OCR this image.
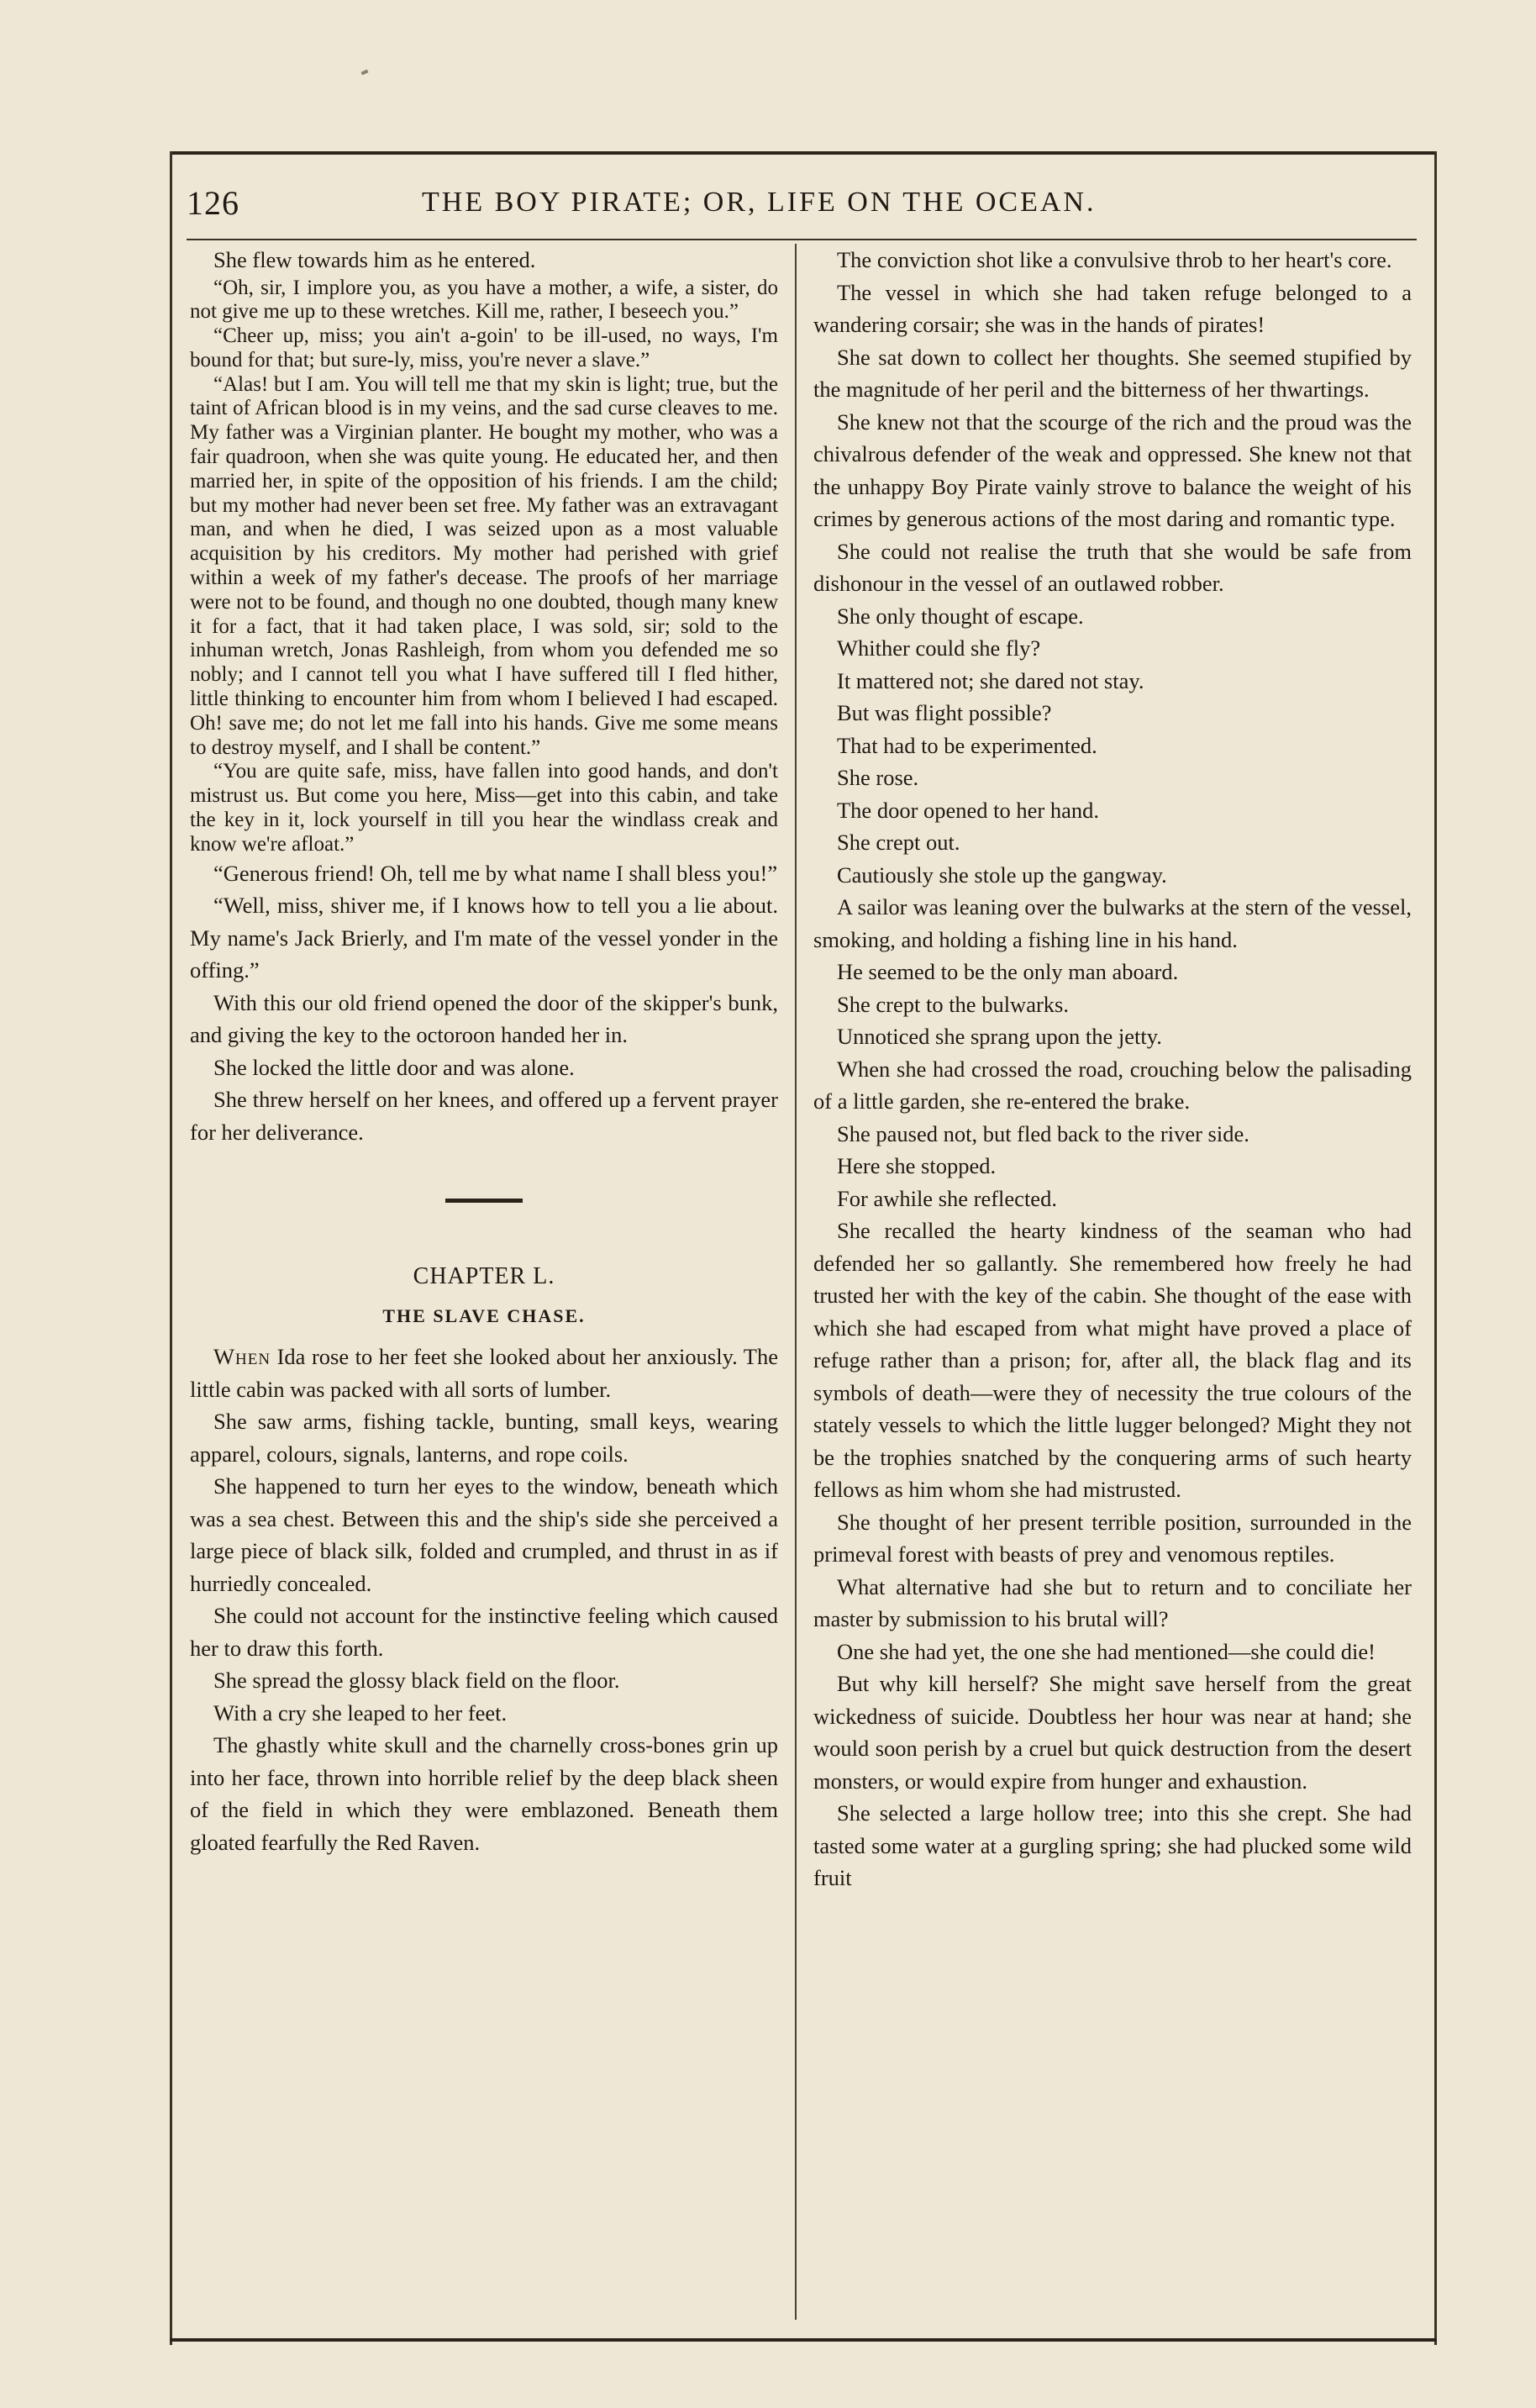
126	THE BOY PIRATE; OR, LIFE ON THE OCEAN.

She flew towards him as he entered.

“Oh, sir, I implore you, as you have a mother, a wife, a sister, do not give me up to these wretches. Kill me, rather, I beseech you.”

“Cheer up, miss; you ain't a-goin' to be ill-used, no ways, I'm bound for that; but sure-ly, miss, you're never a slave.”

“Alas! but I am. You will tell me that my skin is light; true, but the taint of African blood is in my veins, and the sad curse cleaves to me. My father was a Virginian planter. He bought my mother, who was a fair quadroon, when she was quite young. He educated her, and then married her, in spite of the opposition of his friends. I am the child; but my mother had never been set free. My father was an extravagant man, and when he died, I was seized upon as a most valuable acquisition by his creditors. My mother had perished with grief within a week of my father's decease. The proofs of her marriage were not to be found, and though no one doubted, though many knew it for a fact, that it had taken place, I was sold, sir; sold to the inhuman wretch, Jonas Rashleigh, from whom you defended me so nobly; and I cannot tell you what I have suffered till I fled hither, little thinking to encounter him from whom I believed I had escaped. Oh! save me; do not let me fall into his hands. Give me some means to destroy myself, and I shall be content.”

“You are quite safe, miss, have fallen into good hands, and don't mistrust us. But come you here, Miss—get into this cabin, and take the key in it, lock yourself in till you hear the windlass creak and know we're afloat.”

“Generous friend! Oh, tell me by what name I shall bless you!”

“Well, miss, shiver me, if I knows how to tell you a lie about. My name's Jack Brierly, and I'm mate of the vessel yonder in the offing.”

With this our old friend opened the door of the skipper's bunk, and giving the key to the octoroon handed her in.

She locked the little door and was alone.

She threw herself on her knees, and offered up a fervent prayer for her deliverance.

CHAPTER L.
THE SLAVE CHASE.

When Ida rose to her feet she looked about her anxiously. The little cabin was packed with all sorts of lumber.

She saw arms, fishing tackle, bunting, small keys, wearing apparel, colours, signals, lanterns, and rope coils.

She happened to turn her eyes to the window, beneath which was a sea chest. Between this and the ship's side she perceived a large piece of black silk, folded and crumpled, and thrust in as if hurriedly concealed.

She could not account for the instinctive feeling which caused her to draw this forth.

She spread the glossy black field on the floor.

With a cry she leaped to her feet.

The ghastly white skull and the charnelly cross-bones grin up into her face, thrown into horrible relief by the deep black sheen of the field in which they were emblazoned. Beneath them gloated fearfully the Red Raven.

The conviction shot like a convulsive throb to her heart's core.

The vessel in which she had taken refuge belonged to a wandering corsair; she was in the hands of pirates!

She sat down to collect her thoughts. She seemed stupified by the magnitude of her peril and the bitterness of her thwartings.

She knew not that the scourge of the rich and the proud was the chivalrous defender of the weak and oppressed. She knew not that the unhappy Boy Pirate vainly strove to balance the weight of his crimes by generous actions of the most daring and romantic type.

She could not realise the truth that she would be safe from dishonour in the vessel of an outlawed robber.

She only thought of escape.

Whither could she fly?

It mattered not; she dared not stay.

But was flight possible?

That had to be experimented.

She rose.

The door opened to her hand.

She crept out.

Cautiously she stole up the gangway.

A sailor was leaning over the bulwarks at the stern of the vessel, smoking, and holding a fishing line in his hand.

He seemed to be the only man aboard.

She crept to the bulwarks.

Unnoticed she sprang upon the jetty.

When she had crossed the road, crouching below the palisading of a little garden, she re-entered the brake.

She paused not, but fled back to the river side.

Here she stopped.

For awhile she reflected.

She recalled the hearty kindness of the seaman who had defended her so gallantly. She remembered how freely he had trusted her with the key of the cabin. She thought of the ease with which she had escaped from what might have proved a place of refuge rather than a prison; for, after all, the black flag and its symbols of death—were they of necessity the true colours of the stately vessels to which the little lugger belonged? Might they not be the trophies snatched by the conquering arms of such hearty fellows as him whom she had mistrusted.

She thought of her present terrible position, surrounded in the primeval forest with beasts of prey and venomous reptiles.

What alternative had she but to return and to conciliate her master by submission to his brutal will?

One she had yet, the one she had mentioned—she could die!

But why kill herself? She might save herself from the great wickedness of suicide. Doubtless her hour was near at hand; she would soon perish by a cruel but quick destruction from the desert monsters, or would expire from hunger and exhaustion.

She selected a large hollow tree; into this she crept. She had tasted some water at a gurgling spring; she had plucked some wild fruit
